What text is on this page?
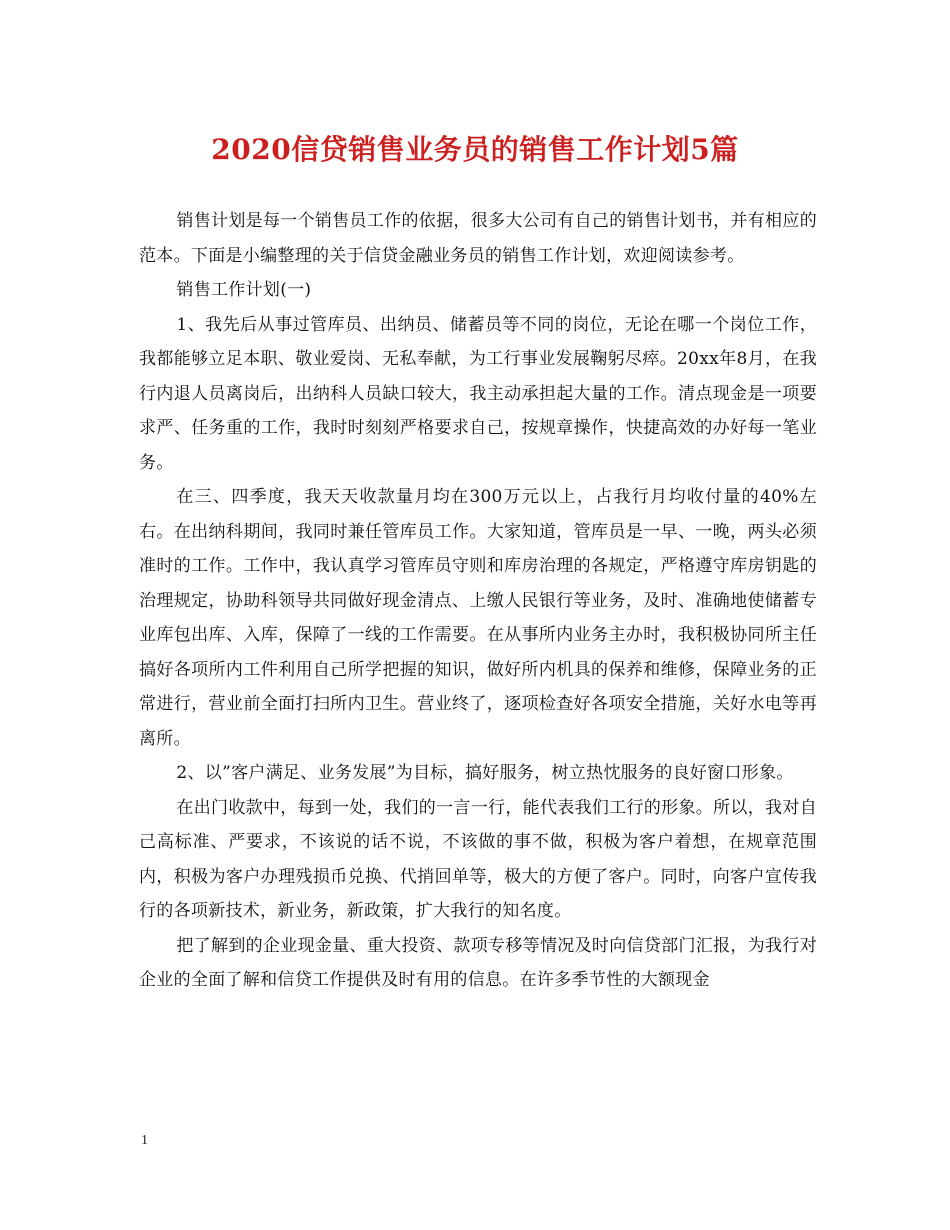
2020信贷销售业务员的销售工作计划5篇

销售计划是每一个销售员工作的依据，很多大公司有自己的销售计划书，并有相应的范本。下面是小编整理的关于信贷金融业务员的销售工作计划，欢迎阅读参考。

销售工作计划(一)

1、我先后从事过管库员、出纳员、储蓄员等不同的岗位，无论在哪一个岗位工作，我都能够立足本职、敬业爱岗、无私奉献，为工行事业发展鞠躬尽瘁。20xx年8月，在我行内退人员离岗后，出纳科人员缺口较大，我主动承担起大量的工作。清点现金是一项要求严、任务重的工作，我时时刻刻严格要求自己，按规章操作，快捷高效的办好每一笔业务。

在三、四季度，我天天收款量月均在300万元以上，占我行月均收付量的40%左右。在出纳科期间，我同时兼任管库员工作。大家知道，管库员是一早、一晚，两头必须准时的工作。工作中，我认真学习管库员守则和库房治理的各规定，严格遵守库房钥匙的治理规定，协助科领导共同做好现金清点、上缴人民银行等业务，及时、准确地使储蓄专业库包出库、入库，保障了一线的工作需要。在从事所内业务主办时，我积极协同所主任搞好各项所内工件利用自己所学把握的知识，做好所内机具的保养和维修，保障业务的正常进行，营业前全面打扫所内卫生。营业终了，逐项检查好各项安全措施，关好水电等再离所。

2、以”客户满足、业务发展”为目标，搞好服务，树立热忱服务的良好窗口形象。

在出门收款中，每到一处，我们的一言一行，能代表我们工行的形象。所以，我对自己高标准、严要求，不该说的话不说，不该做的事不做，积极为客户着想，在规章范围内，积极为客户办理残损币兑换、代捎回单等，极大的方便了客户。同时，向客户宣传我行的各项新技术，新业务，新政策，扩大我行的知名度。

把了解到的企业现金量、重大投资、款项专移等情况及时向信贷部门汇报，为我行对企业的全面了解和信贷工作提供及时有用的信息。在许多季节性的大额现金

1
